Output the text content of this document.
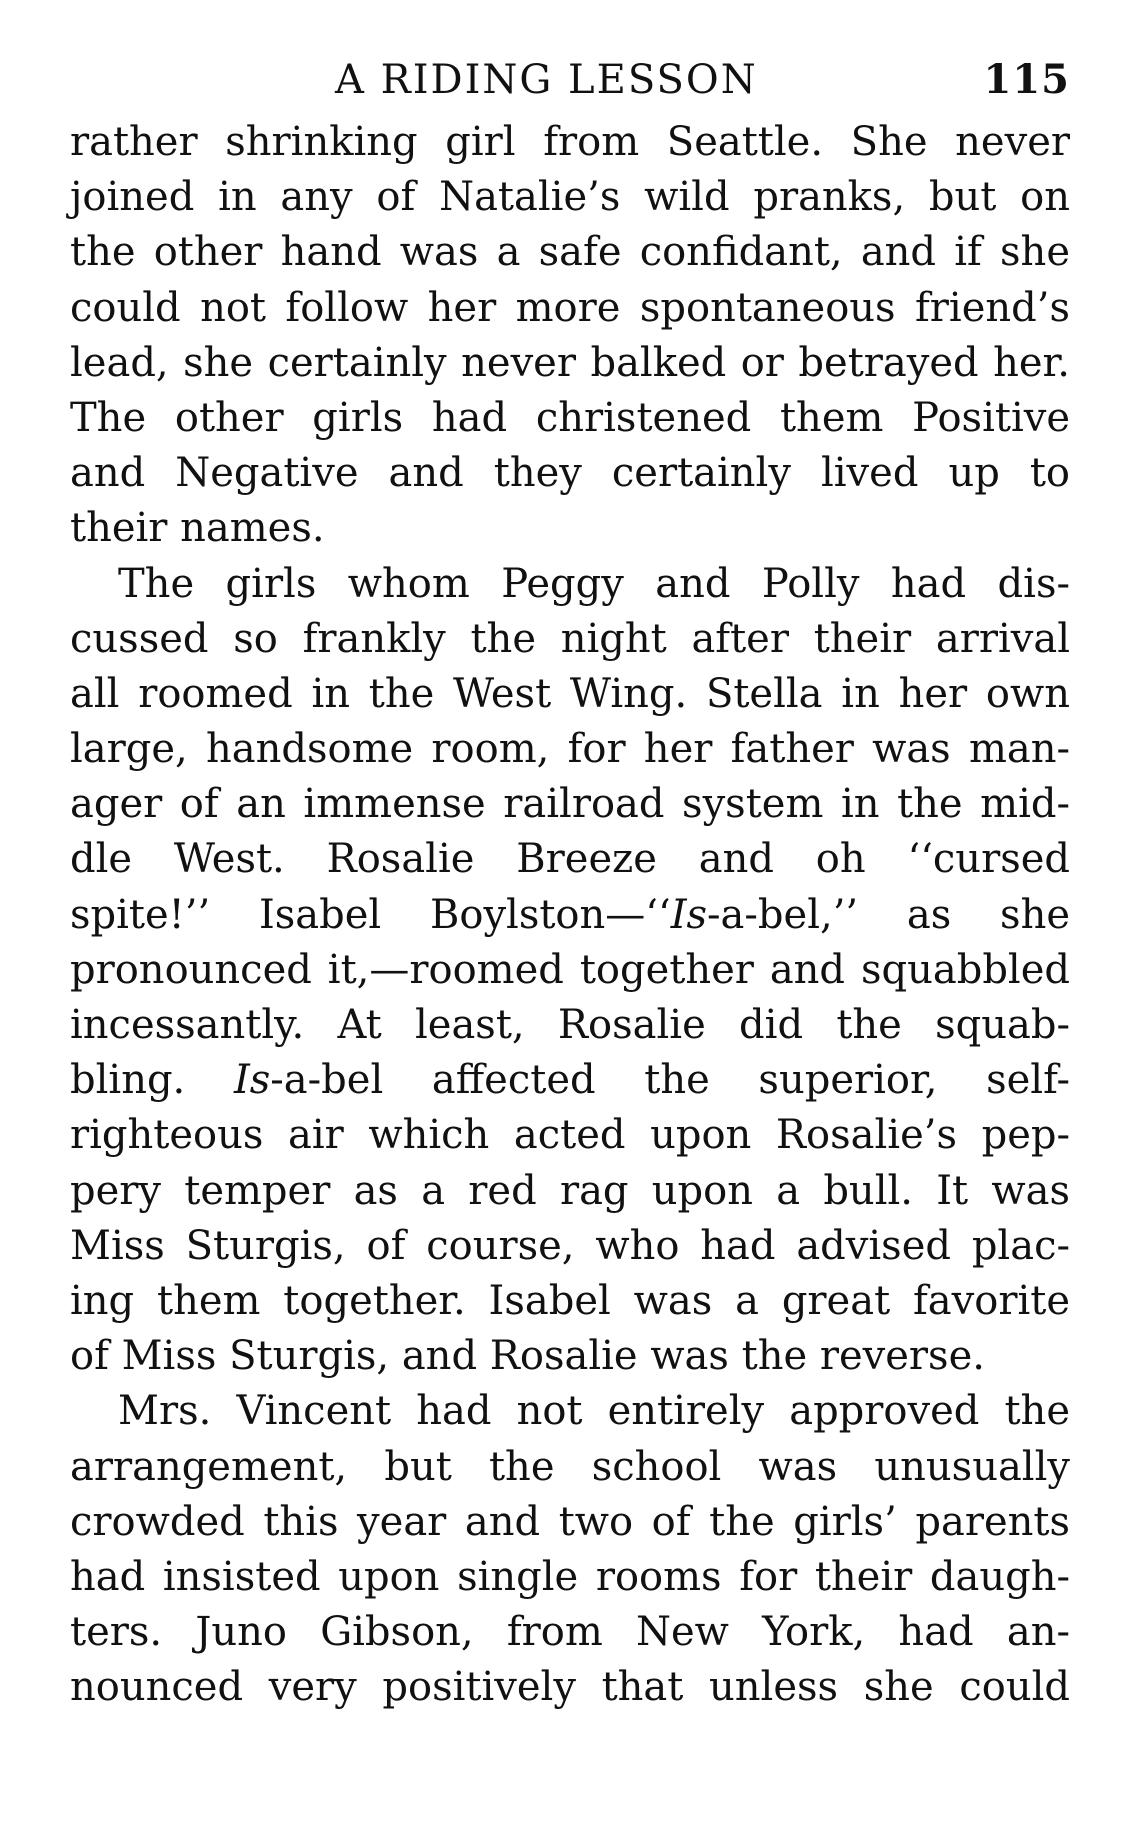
A RIDING LESSON	115
rather shrinking girl from Seattle. She never
joined in any of Natalie’s wild pranks, but on
the other hand was a safe confidant, and if she
could not follow her more spontaneous friend’s
lead, she certainly never balked or betrayed her.
The other girls had christened them Positive
and Negative and they certainly lived up to
their names.
The girls whom Peggy and Polly had dis-
cussed so frankly the night after their arrival
all roomed in the West Wing. Stella in her own
large, handsome room, for her father was man-
ager of an immense railroad system in the mid-
dle West. Rosalie Breeze and oh ‘‘cursed
spite!’’ Isabel Boylston—‘‘Is-a-bel,’’ as she
pronounced it,—roomed together and squabbled
incessantly. At least, Rosalie did the squab-
bling. Is-a-bel affected the superior, self-
righteous air which acted upon Rosalie’s pep-
pery temper as a red rag upon a bull. It was
Miss Sturgis, of course, who had advised plac-
ing them together. Isabel was a great favorite
of Miss Sturgis, and Rosalie was the reverse.
Mrs. Vincent had not entirely approved the
arrangement, but the school was unusually
crowded this year and two of the girls’ parents
had insisted upon single rooms for their daugh-
ters. Juno Gibson, from New York, had an-
nounced very positively that unless she could
